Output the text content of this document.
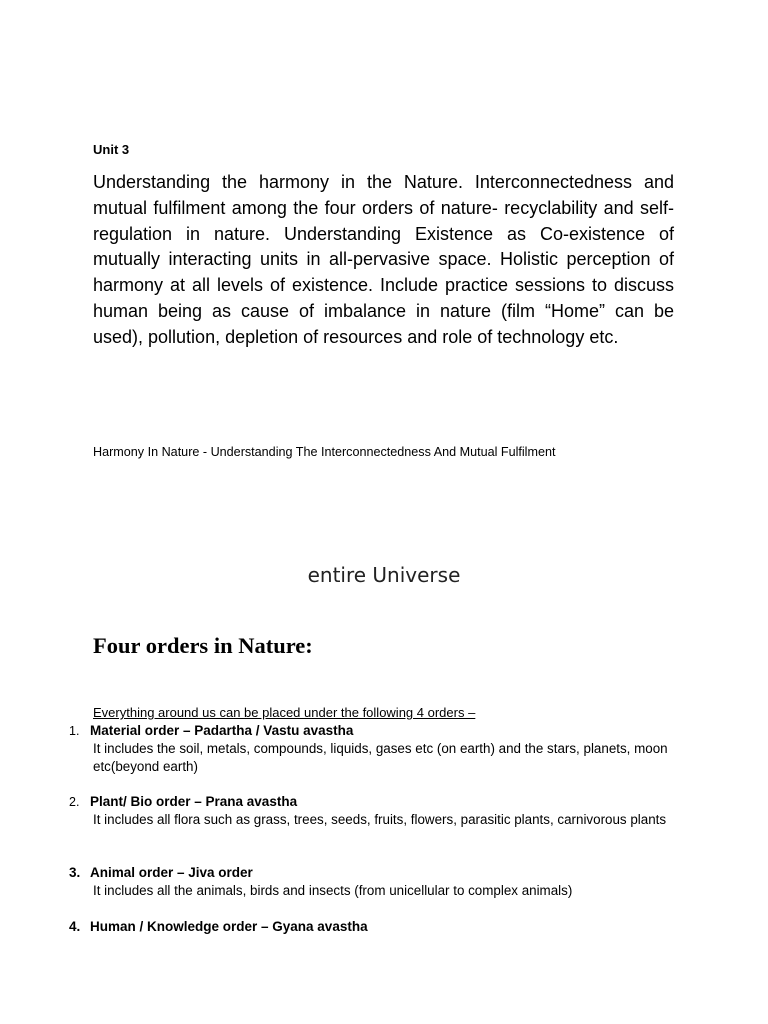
Unit 3

Understanding the harmony in the Nature. Interconnectedness and mutual fulfilment among the four orders of nature- recyclability and self-regulation in nature. Understanding Existence as Co-existence of mutually interacting units in all-pervasive space. Holistic perception of harmony at all levels of existence. Include practice sessions to discuss human being as cause of imbalance in nature (film “Home” can be used), pollution, depletion of resources and role of technology etc.

Harmony In Nature - Understanding The Interconnectedness And Mutual Fulfilment
entire Universe
Four orders in Nature:
Everything around us can be placed under the following 4 orders –
1. Material order – Padartha / Vastu avastha
It includes the soil, metals, compounds, liquids, gases etc (on earth) and the stars, planets, moon etc(beyond earth)
2. Plant/ Bio order – Prana avastha
It includes all flora such as grass, trees, seeds, fruits, flowers, parasitic plants, carnivorous plants
3. Animal order – Jiva order
It includes all the animals, birds and insects (from unicellular to complex animals)
4. Human / Knowledge order – Gyana avastha
